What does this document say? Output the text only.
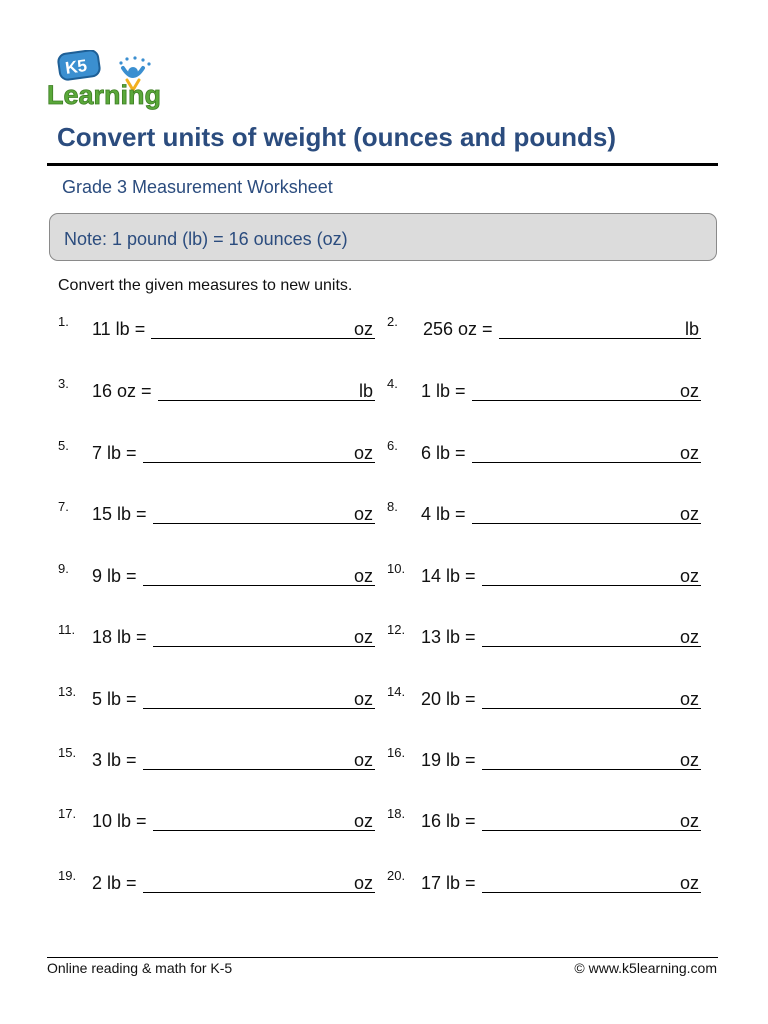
K5
Learning
Convert units of weight (ounces and pounds)
Grade 3 Measurement Worksheet
Note: 1 pound (lb) = 16 ounces (oz)
Convert the given measures to new units.
1. 11 lb =	oz 2. 256 oz =	lb
3. 16 oz =	lb 4. 1 lb =	oz
5. 7 lb =	oz 6. 6 lb =	oz
7. 15 lb =	oz 8. 4 lb =	oz
9. 9 lb =	oz 10. 14 lb =	oz
11. 18 lb =	oz 12. 13 lb =	oz
13. 5 lb =	oz 14. 20 lb =	oz
15. 3 lb =	oz 16. 19 lb =	oz
17. 10 lb =	oz 18. 16 lb =	oz
19. 2 lb =	oz 20. 17 lb =	oz
Online reading & math for K-5	© www.k5learning.com
